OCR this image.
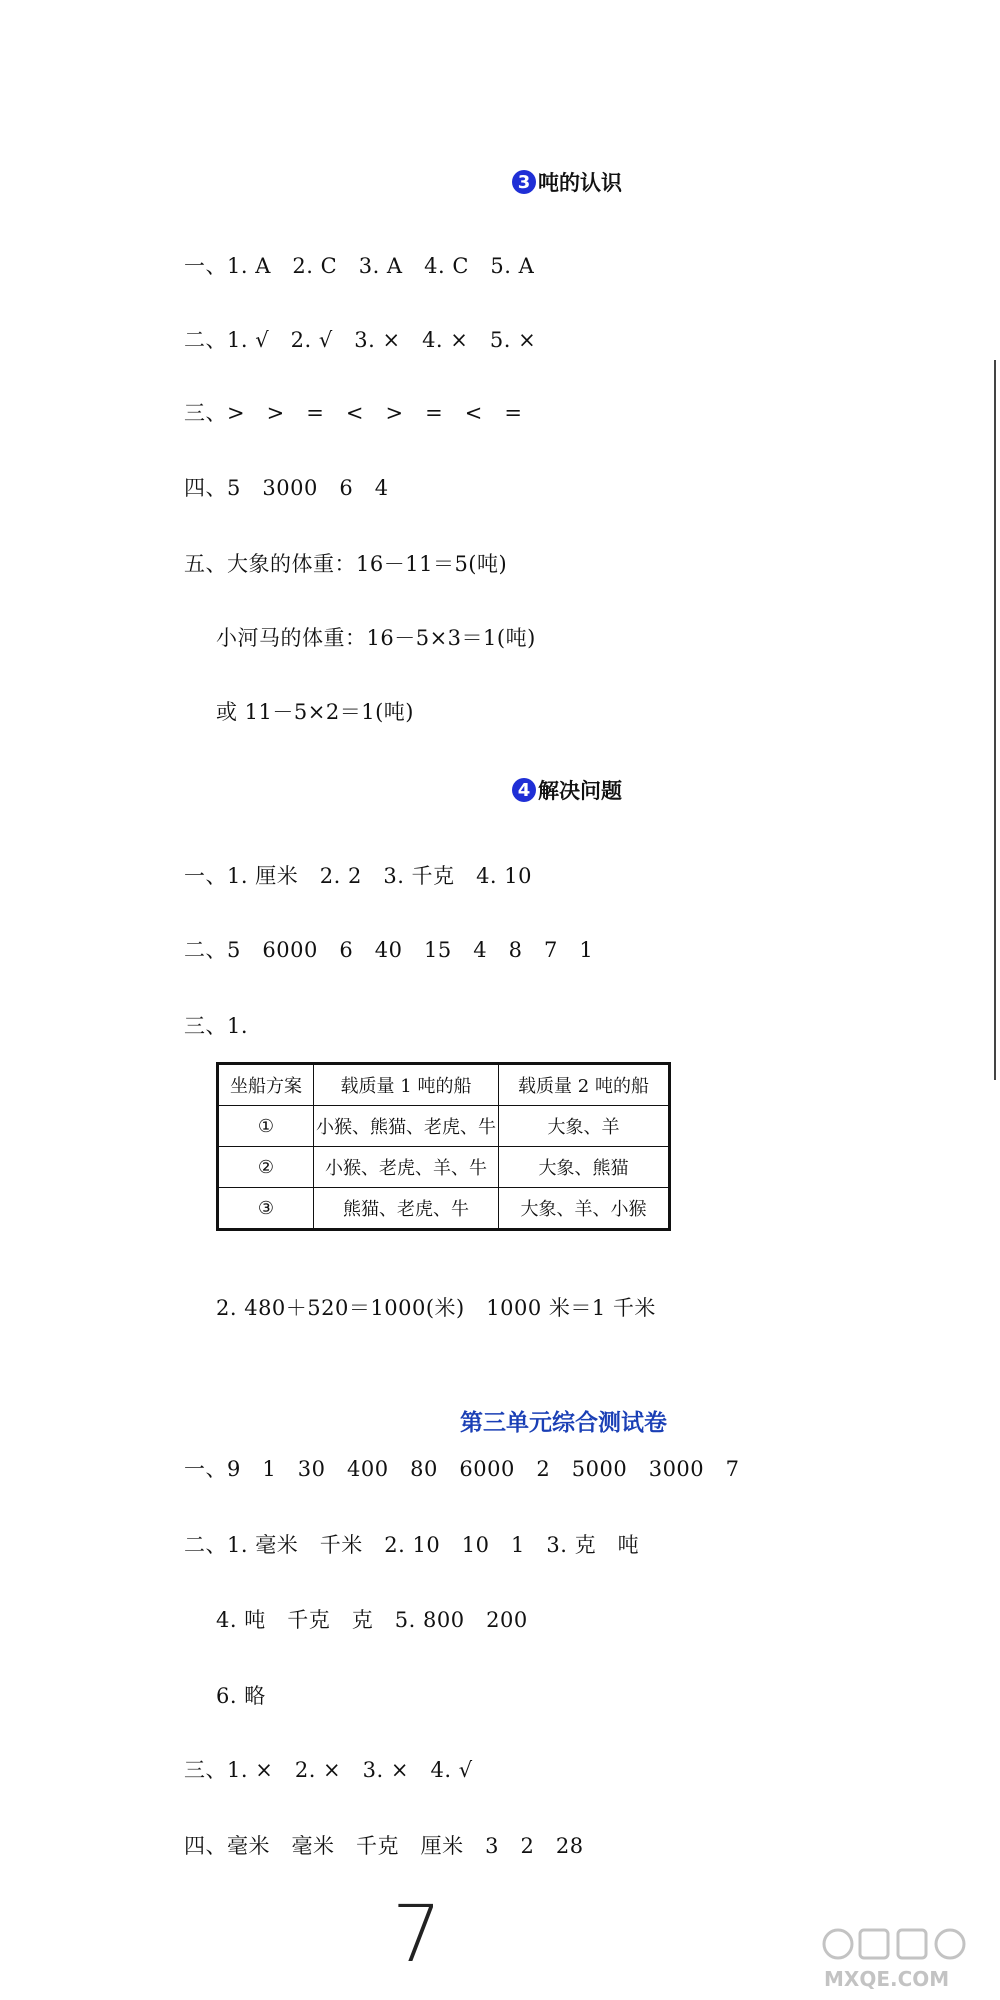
3 吨的认识
一、1. A   2. C   3. A   4. C   5. A
二、1. √   2. √   3. ×   4. ×   5. ×
三、>   >   =   <   >   =   <   =
四、5   3000   6   4
五、大象的体重：16－11＝5(吨)
小河马的体重：16－5×3＝1(吨)
或 11－5×2＝1(吨)
4 解决问题
一、1. 厘米   2. 2   3. 千克   4. 10
二、5   6000   6   40   15   4   8   7   1
三、1.
坐船方案	载质量 1 吨的船	载质量 2 吨的船
①	小猴、熊猫、老虎、牛	大象、羊
②	小猴、老虎、羊、牛	大象、熊猫
③	熊猫、老虎、牛	大象、羊、小猴
2. 480＋520＝1000(米)   1000 米＝1 千米
第三单元综合测试卷
一、9   1   30   400   80   6000   2   5000   3000   7
二、1. 毫米   千米   2. 10   10   1   3. 克   吨
4. 吨   千克   克   5. 800   200
6. 略
三、1. ×   2. ×   3. ×   4. √
四、毫米   毫米   千克   厘米   3   2   28
7	MXQE.COM
